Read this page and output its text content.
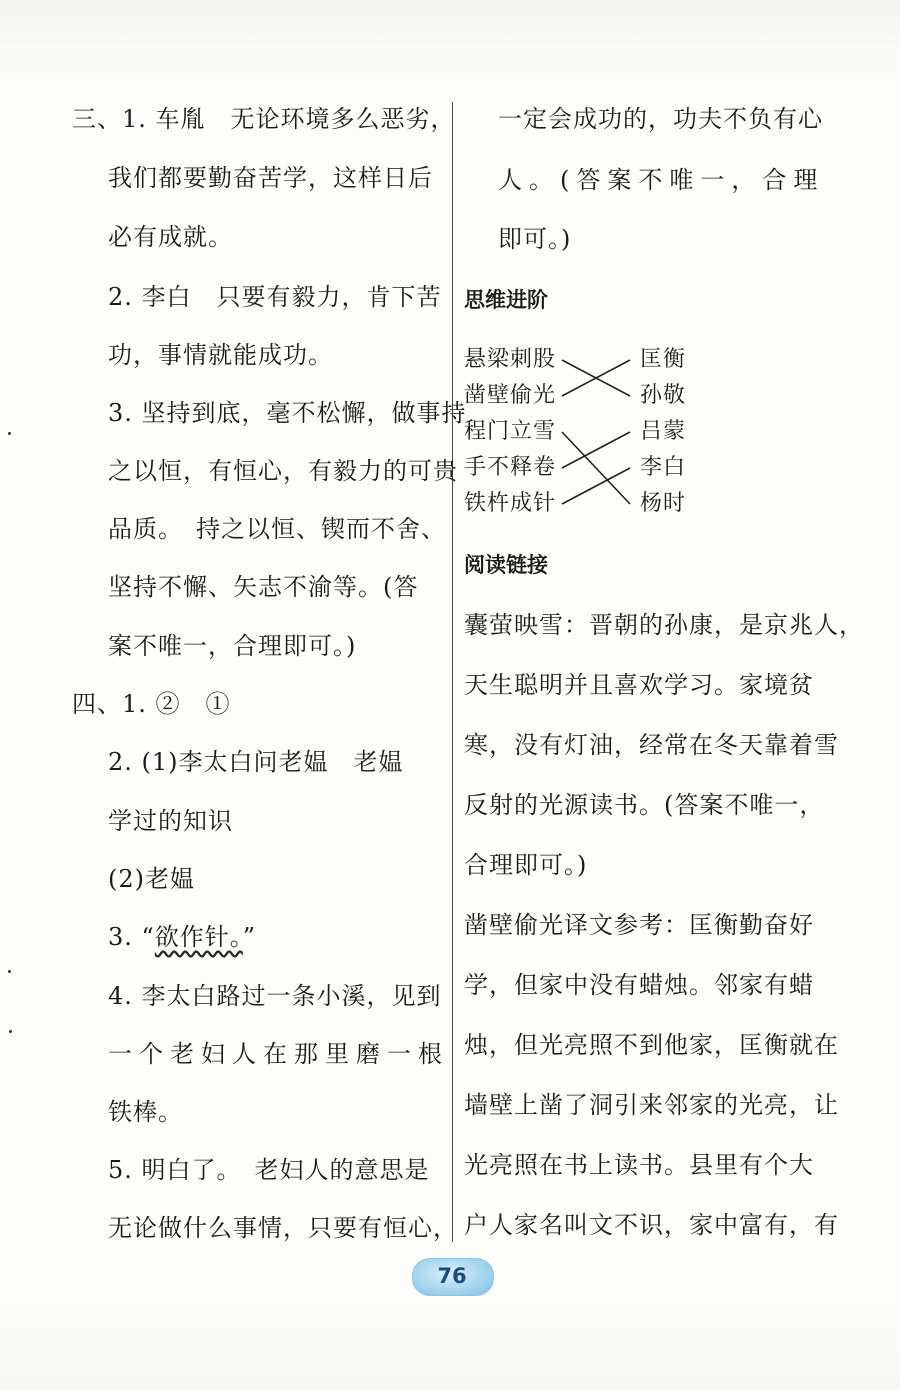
三、1. 车胤　无论环境多么恶劣，
我们都要勤奋苦学，这样日后
必有成就。
2. 李白　只要有毅力，肯下苦
功，事情就能成功。
3. 坚持到底，毫不松懈，做事持
之以恒，有恒心，有毅力的可贵
品质。　持之以恒、锲而不舍、
坚持不懈、矢志不渝等。(答
案不唯一，合理即可。)
四、1. ②　①
2. (1)李太白问老媪　老媪
学过的知识
(2)老媪
3. “欲作针。”
4. 李太白路过一条小溪，见到
一个老妇人在那里磨一根
铁棒。
5. 明白了。　老妇人的意思是
无论做什么事情，只要有恒心，
一定会成功的，功夫不负有心
人。(答案不唯一，合理
即可。)
思维进阶
悬梁刺股
凿壁偷光
程门立雪
手不释卷
铁杵成针
匡衡
孙敬
吕蒙
李白
杨时
阅读链接
囊萤映雪：晋朝的孙康，是京兆人，
天生聪明并且喜欢学习。家境贫
寒，没有灯油，经常在冬天靠着雪
反射的光源读书。(答案不唯一，
合理即可。)
凿壁偷光译文参考：匡衡勤奋好
学，但家中没有蜡烛。邻家有蜡
烛，但光亮照不到他家，匡衡就在
墙壁上凿了洞引来邻家的光亮，让
光亮照在书上读书。县里有个大
户人家名叫文不识，家中富有，有
76
